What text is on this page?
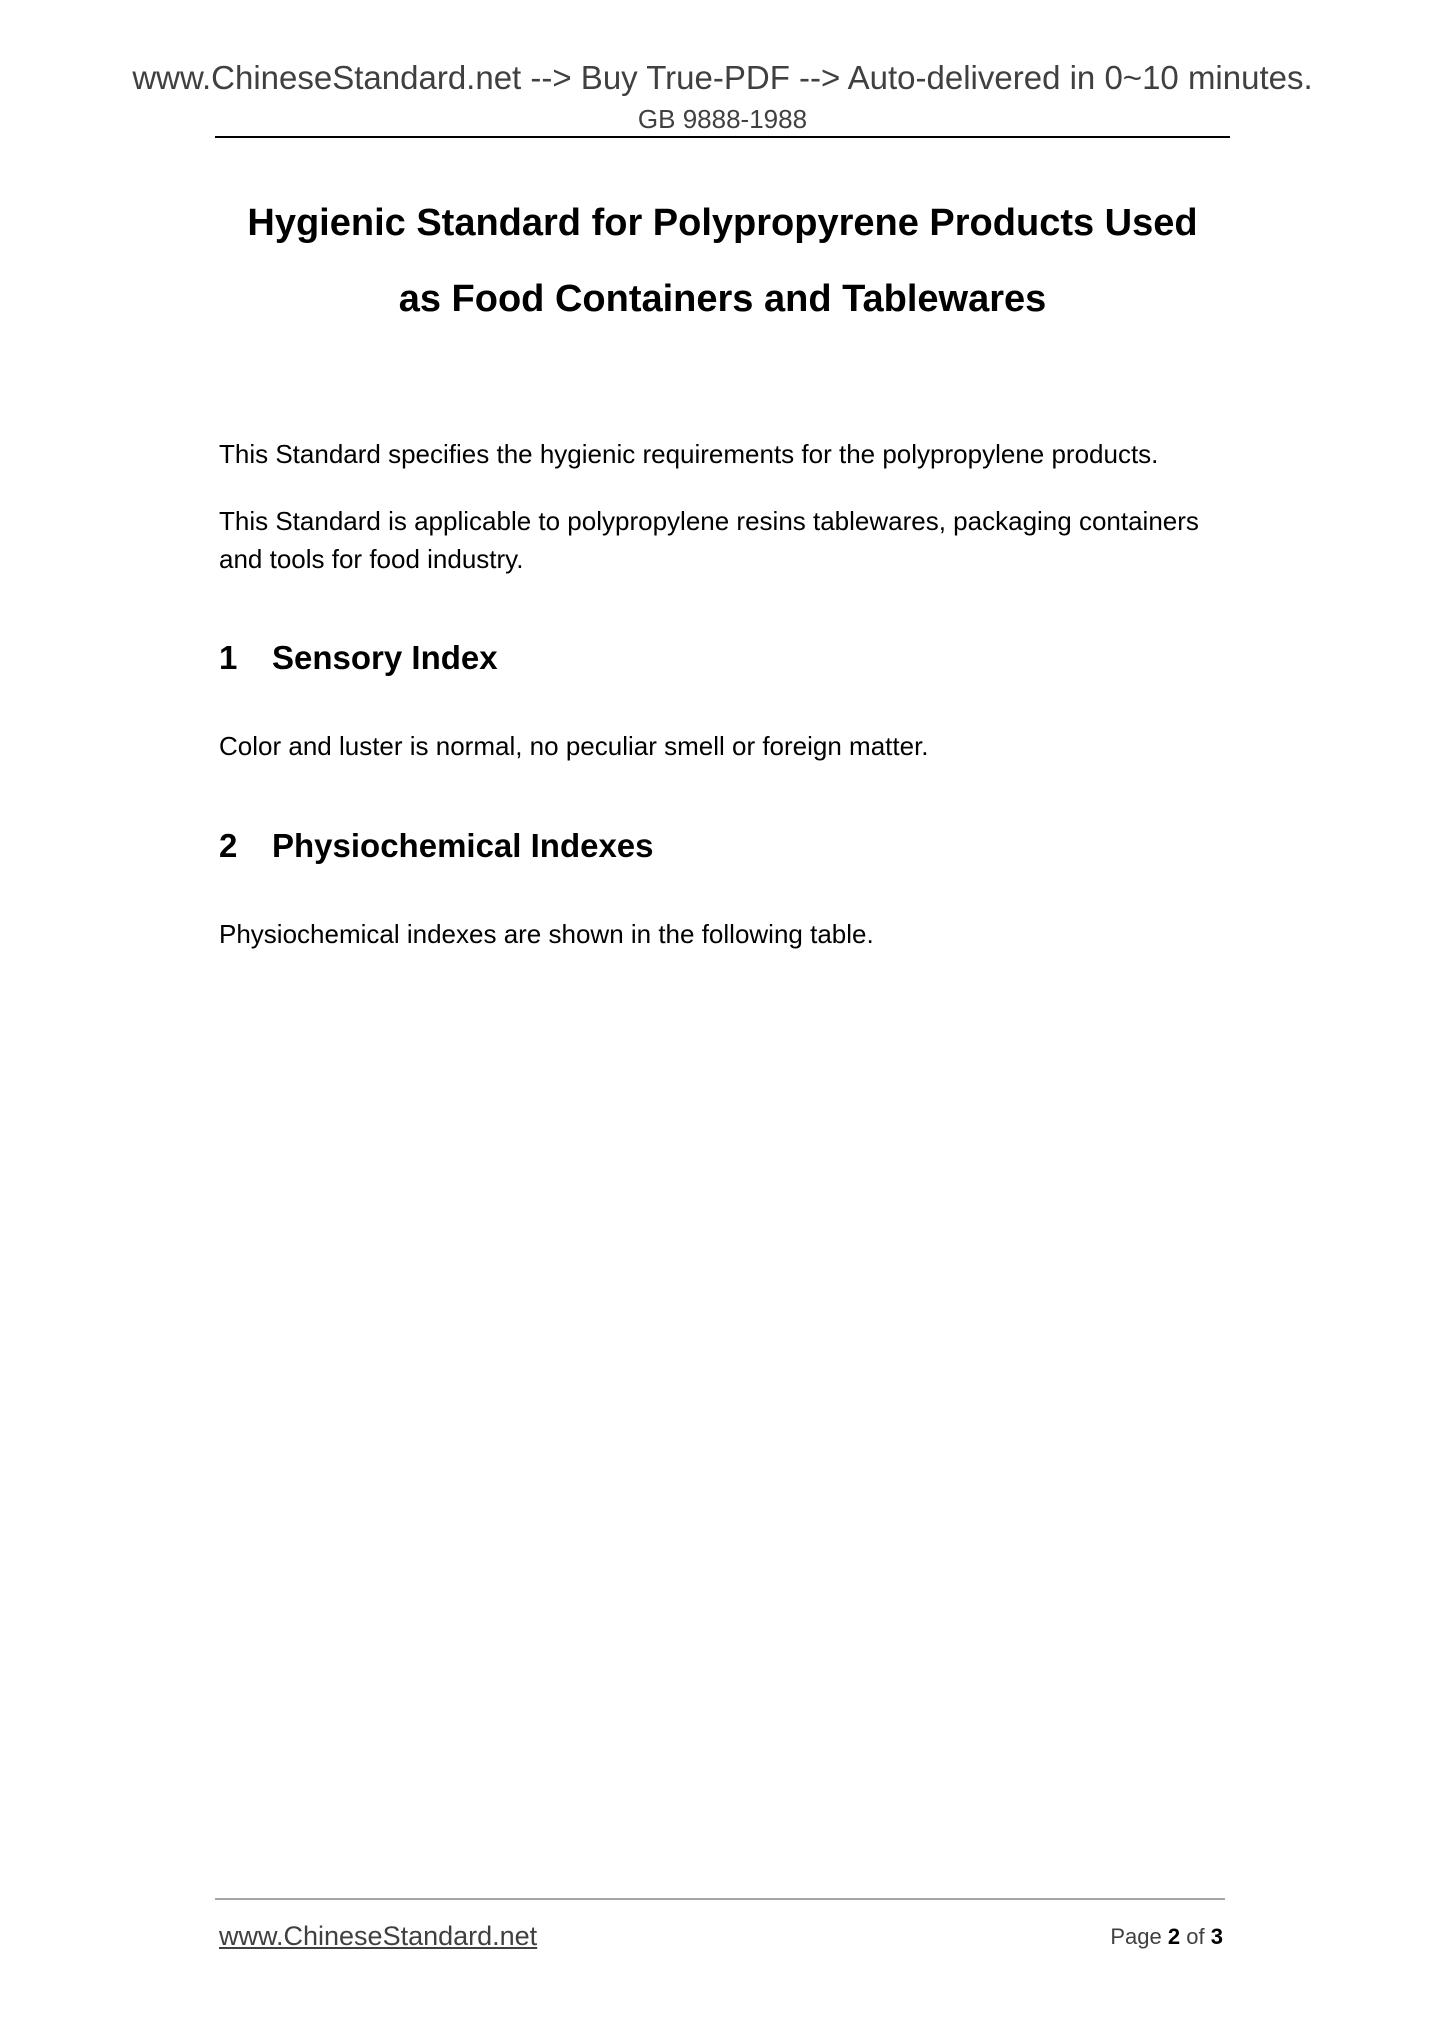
www.ChineseStandard.net --> Buy True-PDF --> Auto-delivered in 0~10 minutes.
GB 9888-1988
Hygienic Standard for Polypropyrene Products Used
as Food Containers and Tablewares
This Standard specifies the hygienic requirements for the polypropylene products.
This Standard is applicable to polypropylene resins tablewares, packaging containers and tools for food industry.
1 Sensory Index
Color and luster is normal, no peculiar smell or foreign matter.
2 Physiochemical Indexes
Physiochemical indexes are shown in the following table.
www.ChineseStandard.net	Page 2 of 3
